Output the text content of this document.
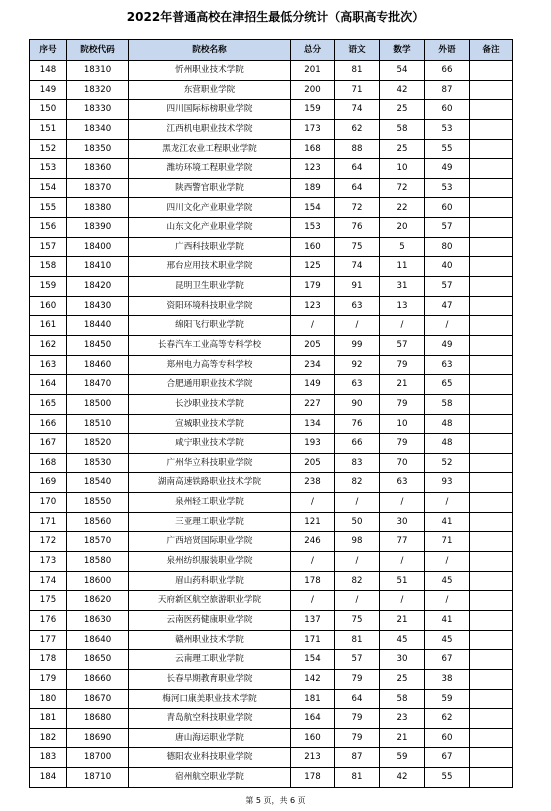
2022年普通高校在津招生最低分统计（高职高专批次）
序号	院校代码	院校名称	总分	语文	数学	外语	备注
148	18310	忻州职业技术学院	201	81	54	66	
149	18320	东营职业学院	200	71	42	87	
150	18330	四川国际标榜职业学院	159	74	25	60	
151	18340	江西机电职业技术学院	173	62	58	53	
152	18350	黑龙江农业工程职业学院	168	88	25	55	
153	18360	潍坊环境工程职业学院	123	64	10	49	
154	18370	陕西警官职业学院	189	64	72	53	
155	18380	四川文化产业职业学院	154	72	22	60	
156	18390	山东文化产业职业学院	153	76	20	57	
157	18400	广西科技职业学院	160	75	5	80	
158	18410	邢台应用技术职业学院	125	74	11	40	
159	18420	昆明卫生职业学院	179	91	31	57	
160	18430	资阳环境科技职业学院	123	63	13	47	
161	18440	绵阳飞行职业学院	/	/	/	/	
162	18450	长春汽车工业高等专科学校	205	99	57	49	
163	18460	郑州电力高等专科学校	234	92	79	63	
164	18470	合肥通用职业技术学院	149	63	21	65	
165	18500	长沙职业技术学院	227	90	79	58	
166	18510	宣城职业技术学院	134	76	10	48	
167	18520	咸宁职业技术学院	193	66	79	48	
168	18530	广州华立科技职业学院	205	83	70	52	
169	18540	湖南高速铁路职业技术学院	238	82	63	93	
170	18550	泉州轻工职业学院	/	/	/	/	
171	18560	三亚理工职业学院	121	50	30	41	
172	18570	广西培贤国际职业学院	246	98	77	71	
173	18580	泉州纺织服装职业学院	/	/	/	/	
174	18600	眉山药科职业学院	178	82	51	45	
175	18620	天府新区航空旅游职业学院	/	/	/	/	
176	18630	云南医药健康职业学院	137	75	21	41	
177	18640	赣州职业技术学院	171	81	45	45	
178	18650	云南理工职业学院	154	57	30	67	
179	18660	长春早期教育职业学院	142	79	25	38	
180	18670	梅河口康美职业技术学院	181	64	58	59	
181	18680	青岛航空科技职业学院	164	79	23	62	
182	18690	唐山海运职业学院	160	79	21	60	
183	18700	德阳农业科技职业学院	213	87	59	67	
184	18710	宿州航空职业学院	178	81	42	55	
第 5 页，共 6 页
